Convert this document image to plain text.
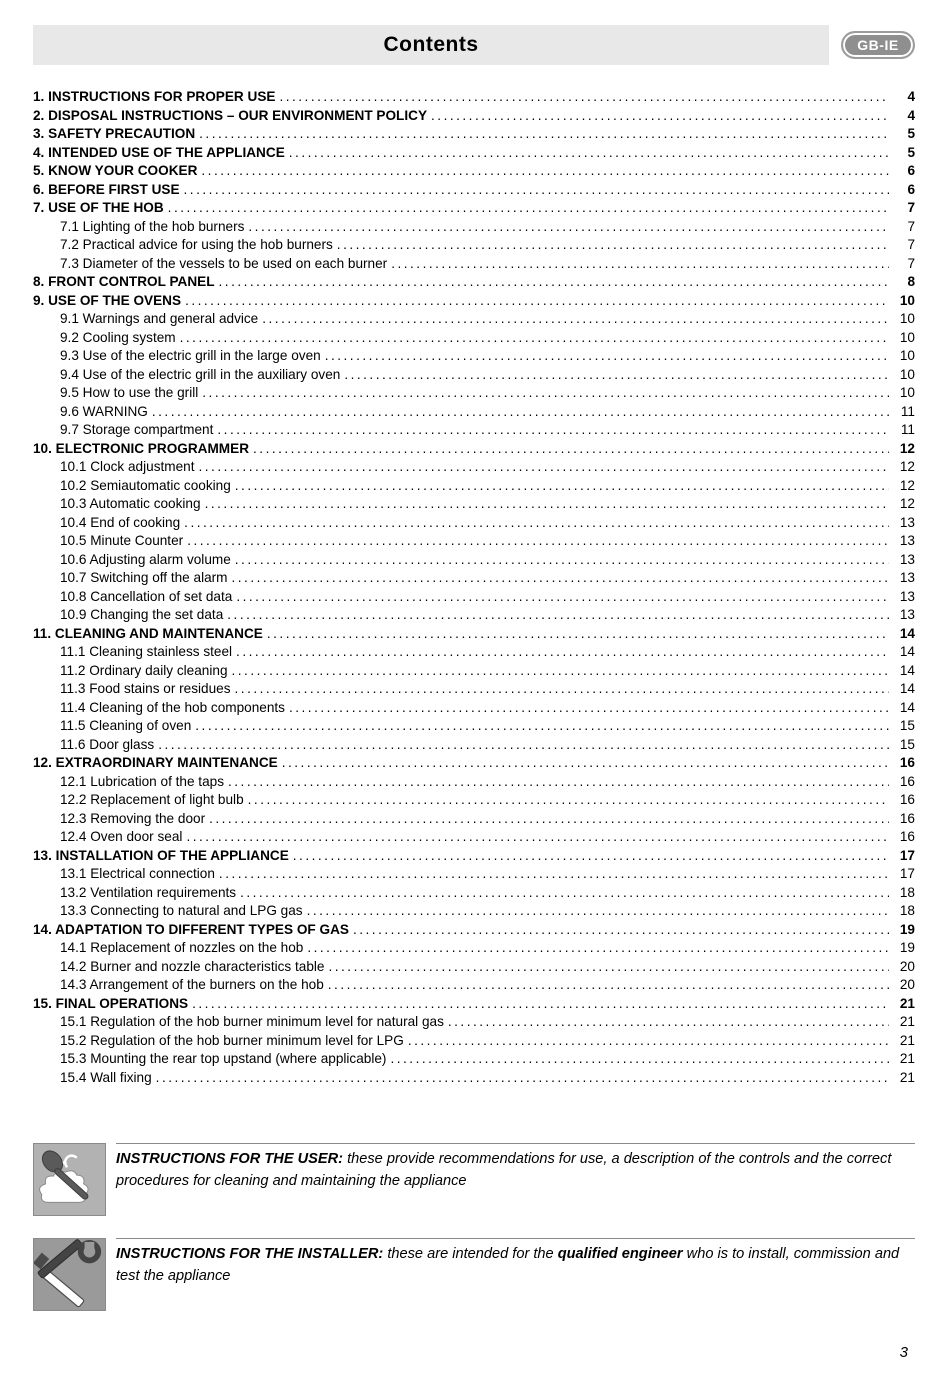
Contents	GB-IE
1. INSTRUCTIONS FOR PROPER USE .....	4
2. DISPOSAL INSTRUCTIONS – OUR ENVIRONMENT POLICY .....	4
3. SAFETY PRECAUTION .....	5
4. INTENDED USE OF THE APPLIANCE .....	5
5. KNOW YOUR COOKER .....	6
6. BEFORE FIRST USE .....	6
7. USE OF THE HOB .....	7
7.1 Lighting of the hob burners .....	7
7.2 Practical advice for using the hob burners .....	7
7.3 Diameter of the vessels to be used on each burner .....	7
8. FRONT CONTROL PANEL .....	8
9. USE OF THE OVENS .....	10
9.1 Warnings and general advice .....	10
9.2 Cooling system .....	10
9.3 Use of the electric grill in the large oven .....	10
9.4 Use of the electric grill in the auxiliary oven .....	10
9.5 How to use the grill .....	10
9.6 WARNING .....	11
9.7 Storage compartment .....	11
10. ELECTRONIC PROGRAMMER .....	12
10.1 Clock adjustment .....	12
10.2 Semiautomatic cooking .....	12
10.3 Automatic cooking .....	12
10.4 End of cooking .....	13
10.5 Minute Counter .....	13
10.6 Adjusting alarm volume .....	13
10.7 Switching off the alarm .....	13
10.8 Cancellation of set data .....	13
10.9 Changing the set data .....	13
11. CLEANING AND MAINTENANCE .....	14
11.1 Cleaning stainless steel .....	14
11.2 Ordinary daily cleaning .....	14
11.3 Food stains or residues .....	14
11.4 Cleaning of the hob components .....	14
11.5 Cleaning of oven .....	15
11.6 Door glass .....	15
12. EXTRAORDINARY MAINTENANCE .....	16
12.1 Lubrication of the taps .....	16
12.2 Replacement of light bulb .....	16
12.3 Removing the door .....	16
12.4 Oven door seal .....	16
13. INSTALLATION OF THE APPLIANCE .....	17
13.1 Electrical connection .....	17
13.2 Ventilation requirements .....	18
13.3 Connecting to natural and LPG gas .....	18
14. ADAPTATION TO DIFFERENT TYPES OF GAS .....	19
14.1 Replacement of nozzles on the hob .....	19
14.2 Burner and nozzle characteristics table .....	20
14.3 Arrangement of the burners on the hob .....	20
15. FINAL OPERATIONS .....	21
15.1 Regulation of the hob burner minimum level for natural gas .....	21
15.2 Regulation of the hob burner minimum level for LPG .....	21
15.3 Mounting the rear top upstand (where applicable) .....	21
15.4 Wall fixing .....	21
INSTRUCTIONS FOR THE USER: these provide recommendations for use, a description of the controls and the correct procedures for cleaning and maintaining the appliance
INSTRUCTIONS FOR THE INSTALLER: these are intended for the qualified engineer who is to install, commission and test the appliance
3
